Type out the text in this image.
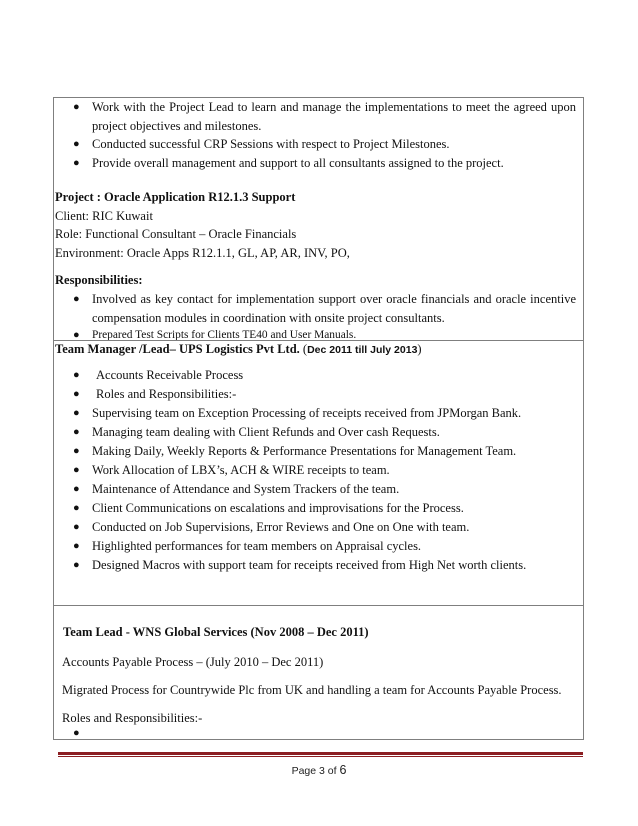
● Work with the Project Lead to learn and manage the implementations to meet the agreed upon project objectives and milestones.
● Conducted successful CRP Sessions with respect to Project Milestones.
● Provide overall management and support to all consultants assigned to the project.
Project : Oracle Application R12.1.3 Support
Client: RIC Kuwait
Role: Functional Consultant – Oracle Financials
Environment: Oracle Apps R12.1.1, GL, AP, AR, INV, PO,
Responsibilities:
● Involved as key contact for implementation support over oracle financials and oracle incentive compensation modules in coordination with onsite project consultants.
● Prepared Test Scripts for Clients TE40 and User Manuals.
Team Manager /Lead– UPS Logistics Pvt Ltd. (Dec 2011 till July 2013)
● Accounts Receivable Process
● Roles and Responsibilities:-
● Supervising team on Exception Processing of receipts received from JPMorgan Bank.
● Managing team dealing with Client Refunds and Over cash Requests.
● Making Daily, Weekly Reports & Performance Presentations for Management Team.
● Work Allocation of LBX’s, ACH & WIRE receipts to team.
● Maintenance of Attendance and System Trackers of the team.
● Client Communications on escalations and improvisations for the Process.
● Conducted on Job Supervisions, Error Reviews and One on One with team.
● Highlighted performances for team members on Appraisal cycles.
● Designed Macros with support team for receipts received from High Net worth clients.
Team Lead - WNS Global Services (Nov 2008 – Dec 2011)
Accounts Payable Process – (July 2010 – Dec 2011)
Migrated Process for Countrywide Plc from UK and handling a team for Accounts Payable Process.
Roles and Responsibilities:-
●
Page 3 of 6
